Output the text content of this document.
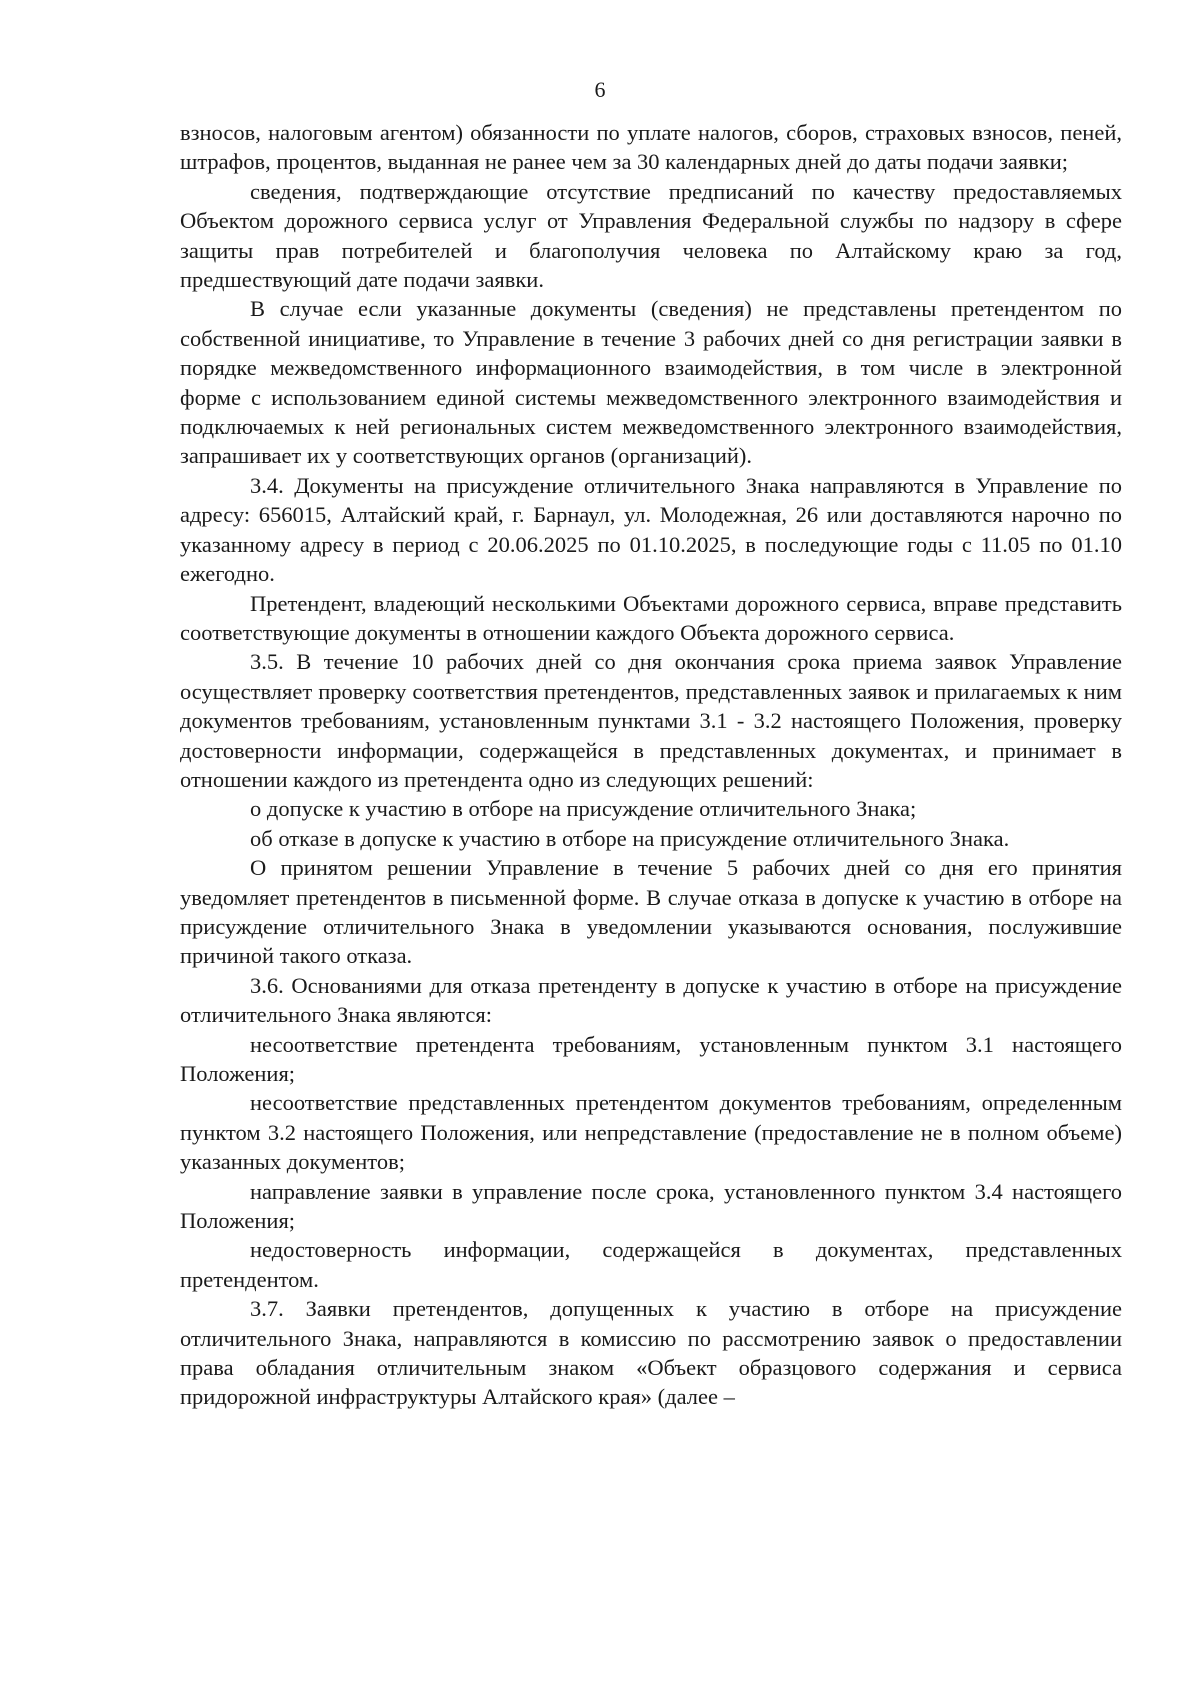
6

взносов, налоговым агентом) обязанности по уплате налогов, сборов, страховых взносов, пеней, штрафов, процентов, выданная не ранее чем за 30 календарных дней до даты подачи заявки;

сведения, подтверждающие отсутствие предписаний по качеству предоставляемых Объектом дорожного сервиса услуг от Управления Федеральной службы по надзору в сфере защиты прав потребителей и благополучия человека по Алтайскому краю за год, предшествующий дате подачи заявки.

В случае если указанные документы (сведения) не представлены претендентом по собственной инициативе, то Управление в течение 3 рабочих дней со дня регистрации заявки в порядке межведомственного информационного взаимодействия, в том числе в электронной форме с использованием единой системы межведомственного электронного взаимодействия и подключаемых к ней региональных систем межведомственного электронного взаимодействия, запрашивает их у соответствующих органов (организаций).

3.4. Документы на присуждение отличительного Знака направляются в Управление по адресу: 656015, Алтайский край, г. Барнаул, ул. Молодежная, 26 или доставляются нарочно по указанному адресу в период с 20.06.2025 по 01.10.2025, в последующие годы с 11.05 по 01.10 ежегодно.

Претендент, владеющий несколькими Объектами дорожного сервиса, вправе представить соответствующие документы в отношении каждого Объекта дорожного сервиса.

3.5. В течение 10 рабочих дней со дня окончания срока приема заявок Управление осуществляет проверку соответствия претендентов, представленных заявок и прилагаемых к ним документов требованиям, установленным пунктами 3.1 - 3.2 настоящего Положения, проверку достоверности информации, содержащейся в представленных документах, и принимает в отношении каждого из претендента одно из следующих решений:

о допуске к участию в отборе на присуждение отличительного Знака;

об отказе в допуске к участию в отборе на присуждение отличительного Знака.

О принятом решении Управление в течение 5 рабочих дней со дня его принятия уведомляет претендентов в письменной форме. В случае отказа в допуске к участию в отборе на присуждение отличительного Знака в уведомлении указываются основания, послужившие причиной такого отказа.

3.6. Основаниями для отказа претенденту в допуске к участию в отборе на присуждение отличительного Знака являются:

несоответствие претендента требованиям, установленным пунктом 3.1 настоящего Положения;

несоответствие представленных претендентом документов требованиям, определенным пунктом 3.2 настоящего Положения, или непредставление (предоставление не в полном объеме) указанных документов;

направление заявки в управление после срока, установленного пунктом 3.4 настоящего Положения;

недостоверность информации, содержащейся в документах, представленных претендентом.

3.7. Заявки претендентов, допущенных к участию в отборе на присуждение отличительного Знака, направляются в комиссию по рассмотрению заявок о предоставлении права обладания отличительным знаком «Объект образцового содержания и сервиса придорожной инфраструктуры Алтайского края» (далее –
